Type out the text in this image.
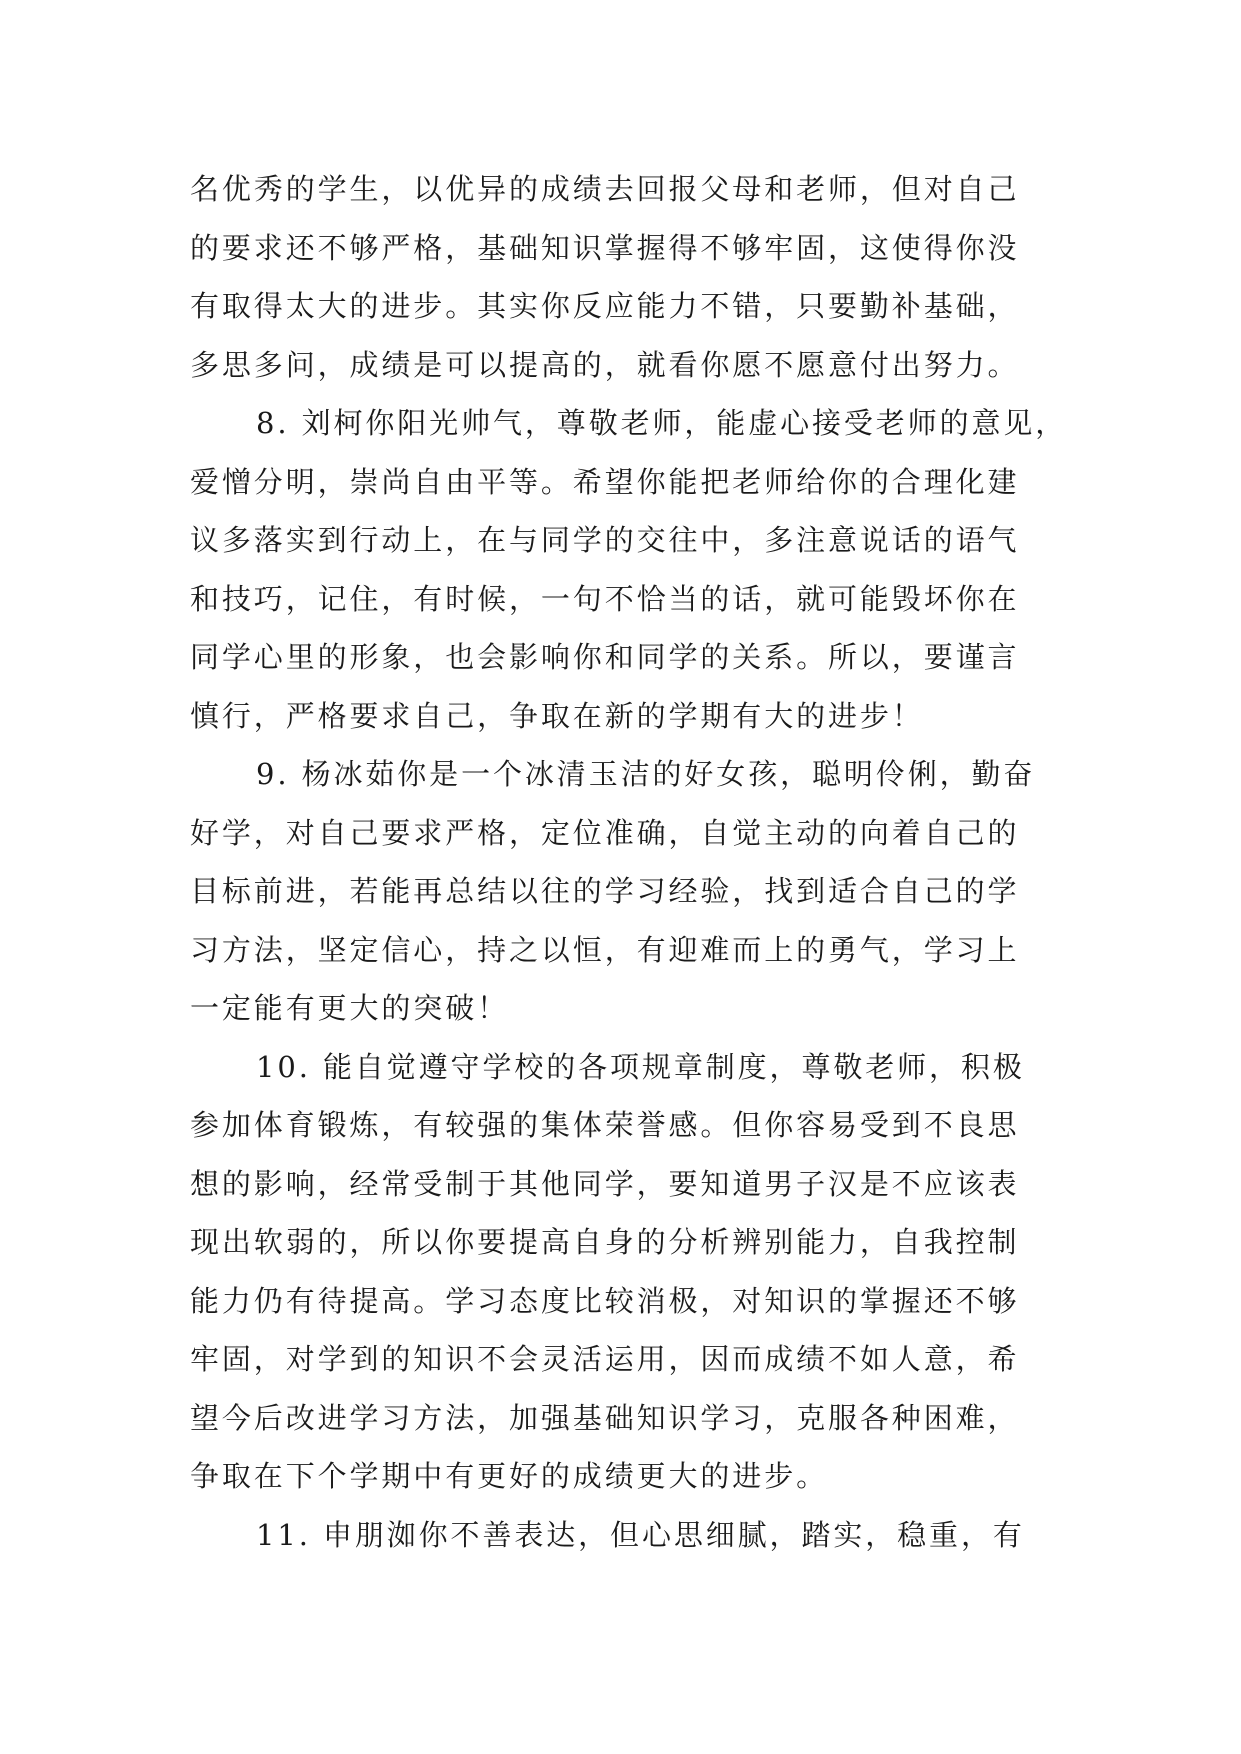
名优秀的学生，以优异的成绩去回报父母和老师，但对自己
的要求还不够严格，基础知识掌握得不够牢固，这使得你没
有取得太大的进步。其实你反应能力不错，只要勤补基础，
多思多问，成绩是可以提高的，就看你愿不愿意付出努力。
8. 刘柯你阳光帅气，尊敬老师，能虚心接受老师的意见，
爱憎分明，崇尚自由平等。希望你能把老师给你的合理化建
议多落实到行动上，在与同学的交往中，多注意说话的语气
和技巧，记住，有时候，一句不恰当的话，就可能毁坏你在
同学心里的形象，也会影响你和同学的关系。所以，要谨言
慎行，严格要求自己，争取在新的学期有大的进步！
9. 杨冰茹你是一个冰清玉洁的好女孩，聪明伶俐，勤奋
好学，对自己要求严格，定位准确，自觉主动的向着自己的
目标前进，若能再总结以往的学习经验，找到适合自己的学
习方法，坚定信心，持之以恒，有迎难而上的勇气，学习上
一定能有更大的突破！
10. 能自觉遵守学校的各项规章制度，尊敬老师，积极
参加体育锻炼，有较强的集体荣誉感。但你容易受到不良思
想的影响，经常受制于其他同学，要知道男子汉是不应该表
现出软弱的，所以你要提高自身的分析辨别能力，自我控制
能力仍有待提高。学习态度比较消极，对知识的掌握还不够
牢固，对学到的知识不会灵活运用，因而成绩不如人意，希
望今后改进学习方法，加强基础知识学习，克服各种困难，
争取在下个学期中有更好的成绩更大的进步。
11. 申朋洳你不善表达，但心思细腻，踏实，稳重，有
